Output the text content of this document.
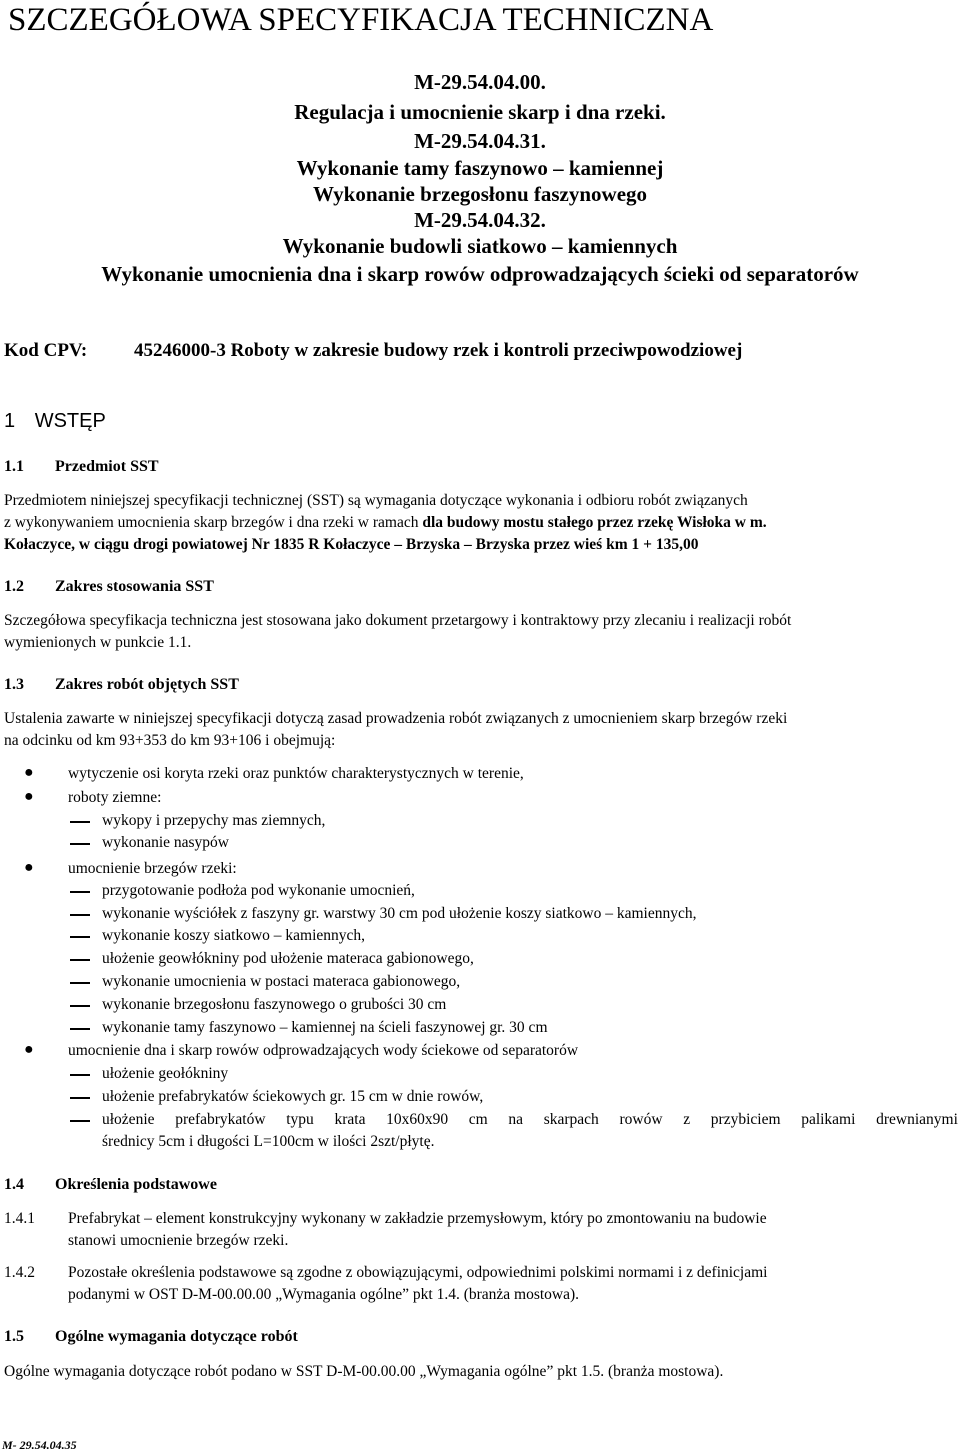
SZCZEGÓŁOWA SPECYFIKACJA TECHNICZNA
M-29.54.04.00.
Regulacja i umocnienie skarp i dna rzeki.
M-29.54.04.31.
Wykonanie tamy faszynowo – kamiennej
Wykonanie brzegosłonu faszynowego
M-29.54.04.32.
Wykonanie budowli siatkowo – kamiennych
Wykonanie umocnienia dna i skarp rowów odprowadzających ścieki od separatorów
Kod CPV: 45246000-3 Roboty w zakresie budowy rzek i kontroli przeciwpowodziowej
1 WSTĘP
1.1 Przedmiot SST
Przedmiotem niniejszej specyfikacji technicznej (SST) są wymagania dotyczące wykonania i odbioru robót związanych
z wykonywaniem umocnienia skarp brzegów i dna rzeki w ramach dla budowy mostu stałego przez rzekę Wisłoka w m.
Kołaczyce, w ciągu drogi powiatowej Nr 1835 R Kołaczyce – Brzyska – Brzyska przez wieś km 1 + 135,00
1.2 Zakres stosowania SST
Szczegółowa specyfikacja techniczna jest stosowana jako dokument przetargowy i kontraktowy przy zlecaniu i realizacji robót
wymienionych w punkcie 1.1.
1.3 Zakres robót objętych SST
Ustalenia zawarte w niniejszej specyfikacji dotyczą zasad prowadzenia robót związanych z umocnieniem skarp brzegów rzeki
na odcinku od km 93+353 do km 93+106 i obejmują:
● wytyczenie osi koryta rzeki oraz punktów charakterystycznych w terenie,
● roboty ziemne:
wykopy i przepychy mas ziemnych,
wykonanie nasypów
● umocnienie brzegów rzeki:
przygotowanie podłoża pod wykonanie umocnień,
wykonanie wyściółek z faszyny gr. warstwy 30 cm pod ułożenie koszy siatkowo – kamiennych,
wykonanie koszy siatkowo – kamiennych,
ułożenie geowłókniny pod ułożenie materaca gabionowego,
wykonanie umocnienia w postaci materaca gabionowego,
wykonanie brzegosłonu faszynowego o grubości 30 cm
wykonanie tamy faszynowo – kamiennej na ścieli faszynowej gr. 30 cm
● umocnienie dna i skarp rowów odprowadzających wody ściekowe od separatorów
ułożenie geołókniny
ułożenie prefabrykatów ściekowych gr. 15 cm w dnie rowów,
ułożenie prefabrykatów typu krata 10x60x90 cm na skarpach rowów z przybiciem palikami drewnianymi
średnicy 5cm i długości L=100cm w ilości 2szt/płytę.
1.4 Określenia podstawowe
1.4.1 Prefabrykat – element konstrukcyjny wykonany w zakładzie przemysłowym, który po zmontowaniu na budowie
stanowi umocnienie brzegów rzeki.
1.4.2 Pozostałe określenia podstawowe są zgodne z obowiązującymi, odpowiednimi polskimi normami i z definicjami
podanymi w OST D-M-00.00.00 „Wymagania ogólne” pkt 1.4. (branża mostowa).
1.5 Ogólne wymagania dotyczące robót
Ogólne wymagania dotyczące robót podano w SST D-M-00.00.00 „Wymagania ogólne” pkt 1.5. (branża mostowa).
M- 29.54.04.35
